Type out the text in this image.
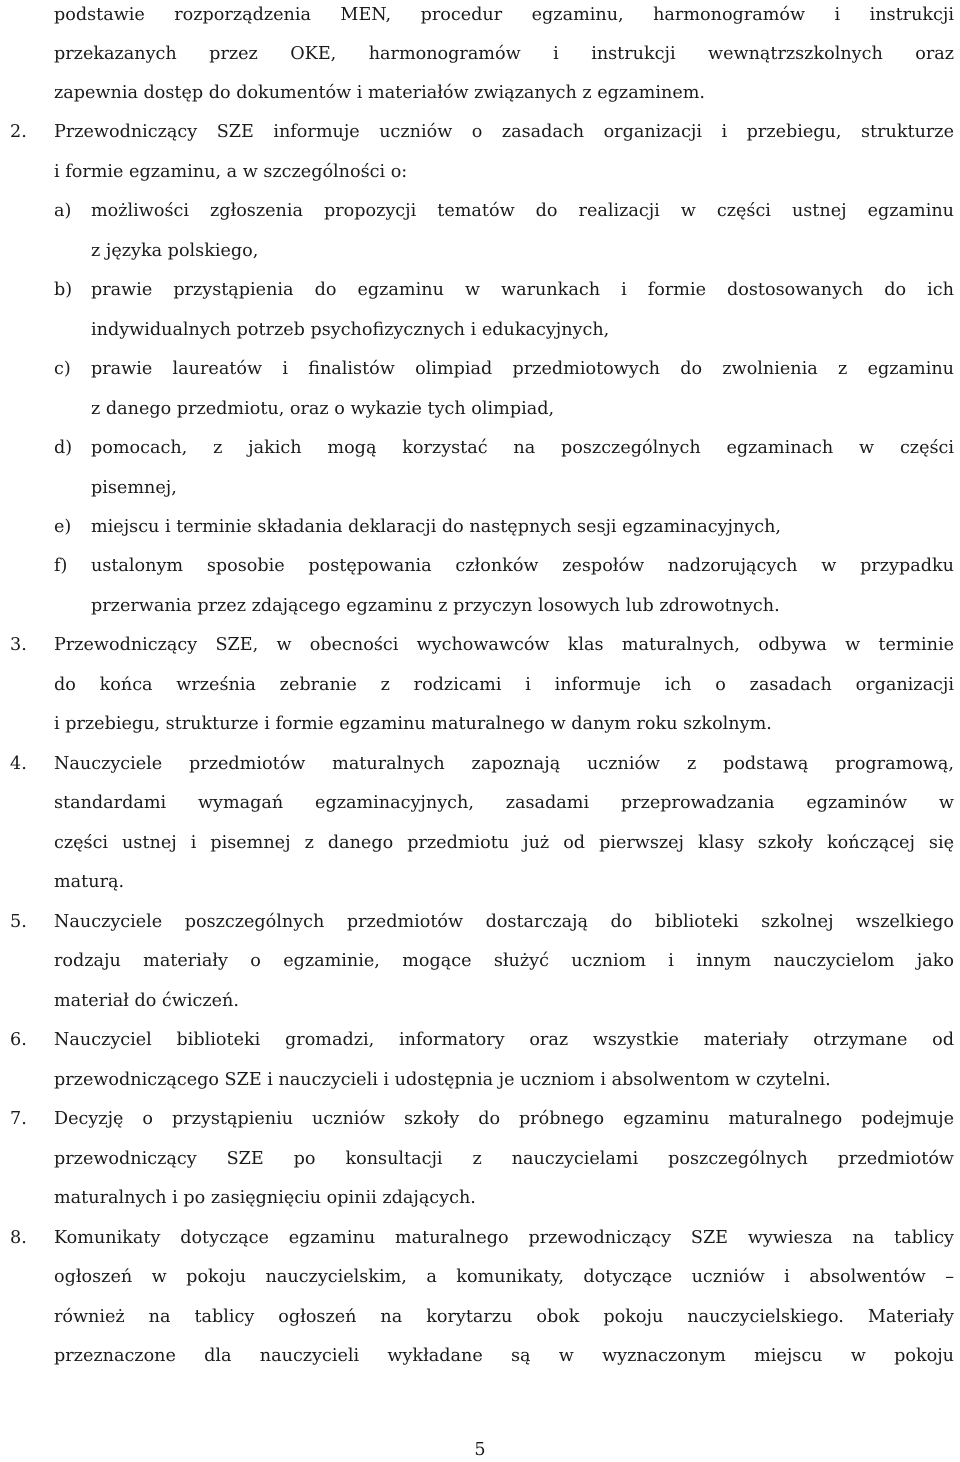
podstawie rozporządzenia MEN, procedur egzaminu, harmonogramów i instrukcji

przekazanych przez OKE, harmonogramów i instrukcji wewnątrzszkolnych oraz

zapewnia dostęp do dokumentów i materiałów związanych z egzaminem.

2. Przewodniczący SZE informuje uczniów o zasadach organizacji i przebiegu, strukturze

i formie egzaminu, a w szczególności o:

a) możliwości zgłoszenia propozycji tematów do realizacji w części ustnej egzaminu

z języka polskiego,

b) prawie przystąpienia do egzaminu w warunkach i formie dostosowanych do ich

indywidualnych potrzeb psychofizycznych i edukacyjnych,

c) prawie laureatów i finalistów olimpiad przedmiotowych do zwolnienia z egzaminu

z danego przedmiotu, oraz o wykazie tych olimpiad,

d) pomocach, z jakich mogą korzystać na poszczególnych egzaminach w części

pisemnej,

e) miejscu i terminie składania deklaracji do następnych sesji egzaminacyjnych,

f) ustalonym sposobie postępowania członków zespołów nadzorujących w przypadku

przerwania przez zdającego egzaminu z przyczyn losowych lub zdrowotnych.

3. Przewodniczący SZE, w obecności wychowawców klas maturalnych, odbywa w terminie

do końca września zebranie z rodzicami i informuje ich o zasadach organizacji

i przebiegu, strukturze i formie egzaminu maturalnego w danym roku szkolnym.

4. Nauczyciele przedmiotów maturalnych zapoznają uczniów z podstawą programową,

standardami wymagań egzaminacyjnych, zasadami przeprowadzania egzaminów w

części ustnej i pisemnej z danego przedmiotu już od pierwszej klasy szkoły kończącej się

maturą.

5. Nauczyciele poszczególnych przedmiotów dostarczają do biblioteki szkolnej wszelkiego

rodzaju materiały o egzaminie, mogące służyć uczniom i innym nauczycielom jako

materiał do ćwiczeń.

6. Nauczyciel biblioteki gromadzi, informatory oraz wszystkie materiały otrzymane od

przewodniczącego SZE i nauczycieli i udostępnia je uczniom i absolwentom w czytelni.

7. Decyzję o przystąpieniu uczniów szkoły do próbnego egzaminu maturalnego podejmuje

przewodniczący SZE po konsultacji z nauczycielami poszczególnych przedmiotów

maturalnych i po zasięgnięciu opinii zdających.

8. Komunikaty dotyczące egzaminu maturalnego przewodniczący SZE wywiesza na tablicy

ogłoszeń w pokoju nauczycielskim, a komunikaty, dotyczące uczniów i absolwentów –

również na tablicy ogłoszeń na korytarzu obok pokoju nauczycielskiego. Materiały

przeznaczone dla nauczycieli wykładane są w wyznaczonym miejscu w pokoju

5
